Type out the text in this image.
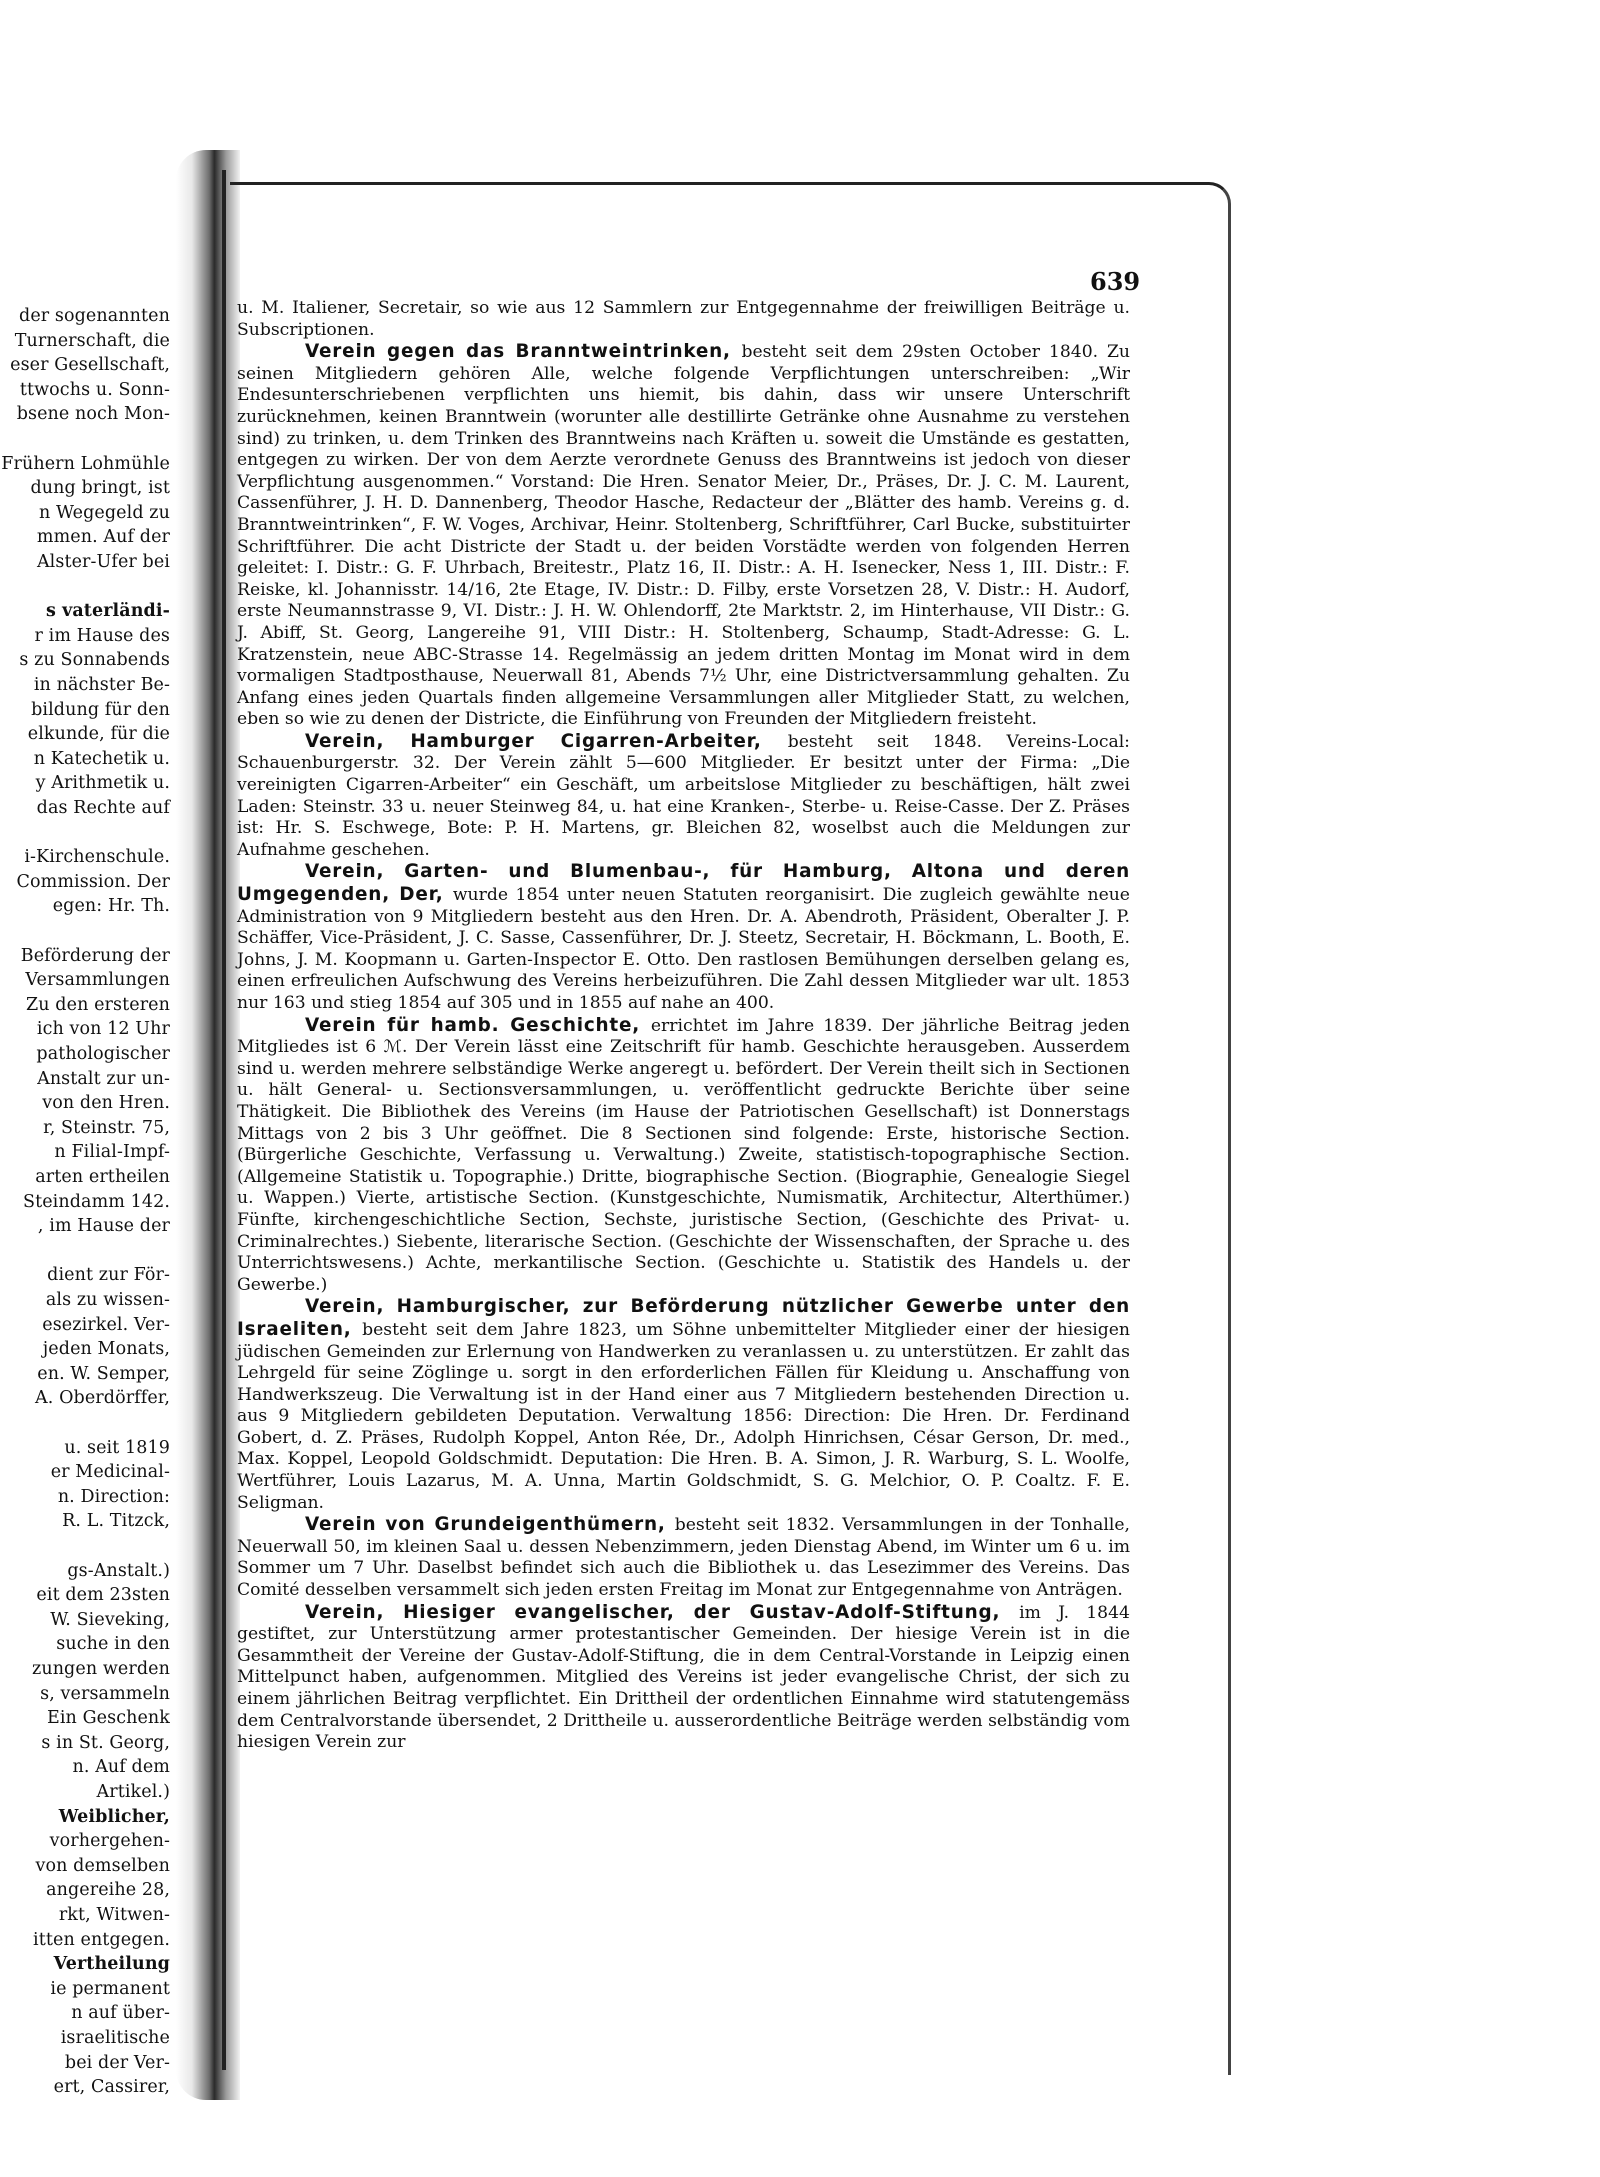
der sogenannten
Turnerschaft, die
eser Gesellschaft,
ttwochs u. Sonn-
bsene noch Mon-
Frühern Lohmühle
dung bringt, ist
n Wegegeld zu
mmen. Auf der
Alster-Ufer bei
s vaterländi-
r im Hause des
s zu Sonnabends
in nächster Be-
bildung für den
elkunde, für die
n Katechetik u.
y Arithmetik u.
das Rechte auf
i-Kirchenschule.
Commission. Der
egen: Hr. Th.
Beförderung der
Versammlungen
Zu den ersteren
ich von 12 Uhr
pathologischer
Anstalt zur un-
von den Hren.
r, Steinstr. 75,
n Filial-Impf-
arten ertheilen
Steindamm 142.
, im Hause der
dient zur För-
als zu wissen-
esezirkel. Ver-
jeden Monats,
en. W. Semper,
A. Oberdörffer,
u. seit 1819
er Medicinal-
n. Direction:
R. L. Titzck,
gs-Anstalt.)
eit dem 23sten
W. Sieveking,
suche in den
zungen werden
s, versammeln
Ein Geschenk
s in St. Georg,
n. Auf dem
Artikel.)
Weiblicher,
vorhergehen-
von demselben
angereihe 28,
rkt, Witwen-
itten entgegen.
Vertheilung
ie permanent
n auf über-
israelitische
bei der Ver-
ert, Cassirer,
639

u. M. Italiener, Secretair, so wie aus 12 Sammlern zur Entgegennahme der freiwilligen Beiträge u. Subscriptionen.

Verein gegen das Branntweintrinken, besteht seit dem 29sten October 1840. Zu seinen Mitgliedern gehören Alle, welche folgende Verpflichtungen unterschreiben: „Wir Endesunterschriebenen verpflichten uns hiemit, bis dahin, dass wir unsere Unterschrift zurücknehmen, keinen Branntwein (worunter alle destillirte Getränke ohne Ausnahme zu verstehen sind) zu trinken, u. dem Trinken des Branntweins nach Kräften u. soweit die Umstände es gestatten, entgegen zu wirken. Der von dem Aerzte verordnete Genuss des Branntweins ist jedoch von dieser Verpflichtung ausgenommen.“ Vorstand: Die Hren. Senator Meier, Dr., Präses, Dr. J. C. M. Laurent, Cassenführer, J. H. D. Dannenberg, Theodor Hasche, Redacteur der „Blätter des hamb. Vereins g. d. Branntweintrinken“, F. W. Voges, Archivar, Heinr. Stoltenberg, Schriftführer, Carl Bucke, substituirter Schriftführer. Die acht Districte der Stadt u. der beiden Vorstädte werden von folgenden Herren geleitet: I. Distr.: G. F. Uhrbach, Breitestr., Platz 16, II. Distr.: A. H. Isenecker, Ness 1, III. Distr.: F. Reiske, kl. Johannisstr. 14/16, 2te Etage, IV. Distr.: D. Filby, erste Vorsetzen 28, V. Distr.: H. Audorf, erste Neumannstrasse 9, VI. Distr.: J. H. W. Ohlendorff, 2te Marktstr. 2, im Hinterhause, VII Distr.: G. J. Abiff, St. Georg, Langereihe 91, VIII Distr.: H. Stoltenberg, Schaump, Stadt-Adresse: G. L. Kratzenstein, neue ABC-Strasse 14. Regelmässig an jedem dritten Montag im Monat wird in dem vormaligen Stadtposthause, Neuerwall 81, Abends 7½ Uhr, eine Districtversammlung gehalten. Zu Anfang eines jeden Quartals finden allgemeine Versammlungen aller Mitglieder Statt, zu welchen, eben so wie zu denen der Districte, die Einführung von Freunden der Mitgliedern freisteht.

Verein, Hamburger Cigarren-Arbeiter, besteht seit 1848. Vereins-Local: Schauenburgerstr. 32. Der Verein zählt 5—600 Mitglieder. Er besitzt unter der Firma: „Die vereinigten Cigarren-Arbeiter“ ein Geschäft, um arbeitslose Mitglieder zu beschäftigen, hält zwei Laden: Steinstr. 33 u. neuer Steinweg 84, u. hat eine Kranken-, Sterbe- u. Reise-Casse. Der Z. Präses ist: Hr. S. Eschwege, Bote: P. H. Martens, gr. Bleichen 82, woselbst auch die Meldungen zur Aufnahme geschehen.

Verein, Garten- und Blumenbau-, für Hamburg, Altona und deren Umgegenden, Der, wurde 1854 unter neuen Statuten reorganisirt. Die zugleich gewählte neue Administration von 9 Mitgliedern besteht aus den Hren. Dr. A. Abendroth, Präsident, Oberalter J. P. Schäffer, Vice-Präsident, J. C. Sasse, Cassenführer, Dr. J. Steetz, Secretair, H. Böckmann, L. Booth, E. Johns, J. M. Koopmann u. Garten-Inspector E. Otto. Den rastlosen Bemühungen derselben gelang es, einen erfreulichen Aufschwung des Vereins herbeizuführen. Die Zahl dessen Mitglieder war ult. 1853 nur 163 und stieg 1854 auf 305 und in 1855 auf nahe an 400.

Verein für hamb. Geschichte, errichtet im Jahre 1839. Der jährliche Beitrag jeden Mitgliedes ist 6 ℳ. Der Verein lässt eine Zeitschrift für hamb. Geschichte herausgeben. Ausserdem sind u. werden mehrere selbständige Werke angeregt u. befördert. Der Verein theilt sich in Sectionen u. hält General- u. Sectionsversammlungen, u. veröffentlicht gedruckte Berichte über seine Thätigkeit. Die Bibliothek des Vereins (im Hause der Patriotischen Gesellschaft) ist Donnerstags Mittags von 2 bis 3 Uhr geöffnet. Die 8 Sectionen sind folgende: Erste, historische Section. (Bürgerliche Geschichte, Verfassung u. Verwaltung.) Zweite, statistisch-topographische Section. (Allgemeine Statistik u. Topographie.) Dritte, biographische Section. (Biographie, Genealogie Siegel u. Wappen.) Vierte, artistische Section. (Kunstgeschichte, Numismatik, Architectur, Alterthümer.) Fünfte, kirchengeschichtliche Section, Sechste, juristische Section, (Geschichte des Privat- u. Criminalrechtes.) Siebente, literarische Section. (Geschichte der Wissenschaften, der Sprache u. des Unterrichtswesens.) Achte, merkantilische Section. (Geschichte u. Statistik des Handels u. der Gewerbe.)

Verein, Hamburgischer, zur Beförderung nützlicher Gewerbe unter den Israeliten, besteht seit dem Jahre 1823, um Söhne unbemittelter Mitglieder einer der hiesigen jüdischen Gemeinden zur Erlernung von Handwerken zu veranlassen u. zu unterstützen. Er zahlt das Lehrgeld für seine Zöglinge u. sorgt in den erforderlichen Fällen für Kleidung u. Anschaffung von Handwerkszeug. Die Verwaltung ist in der Hand einer aus 7 Mitgliedern bestehenden Direction u. aus 9 Mitgliedern gebildeten Deputation. Verwaltung 1856: Direction: Die Hren. Dr. Ferdinand Gobert, d. Z. Präses, Rudolph Koppel, Anton Rée, Dr., Adolph Hinrichsen, César Gerson, Dr. med., Max. Koppel, Leopold Goldschmidt. Deputation: Die Hren. B. A. Simon, J. R. Warburg, S. L. Woolfe, Wertführer, Louis Lazarus, M. A. Unna, Martin Goldschmidt, S. G. Melchior, O. P. Coaltz. F. E. Seligman.

Verein von Grundeigenthümern, besteht seit 1832. Versammlungen in der Tonhalle, Neuerwall 50, im kleinen Saal u. dessen Nebenzimmern, jeden Dienstag Abend, im Winter um 6 u. im Sommer um 7 Uhr. Daselbst befindet sich auch die Bibliothek u. das Lesezimmer des Vereins. Das Comité desselben versammelt sich jeden ersten Freitag im Monat zur Entgegennahme von Anträgen.

Verein, Hiesiger evangelischer, der Gustav-Adolf-Stiftung, im J. 1844 gestiftet, zur Unterstützung armer protestantischer Gemeinden. Der hiesige Verein ist in die Gesammtheit der Vereine der Gustav-Adolf-Stiftung, die in dem Central-Vorstande in Leipzig einen Mittelpunct haben, aufgenommen. Mitglied des Vereins ist jeder evangelische Christ, der sich zu einem jährlichen Beitrag verpflichtet. Ein Drittheil der ordentlichen Einnahme wird statutengemäss dem Centralvorstande übersendet, 2 Drittheile u. ausserordentliche Beiträge werden selbständig vom hiesigen Verein zur
